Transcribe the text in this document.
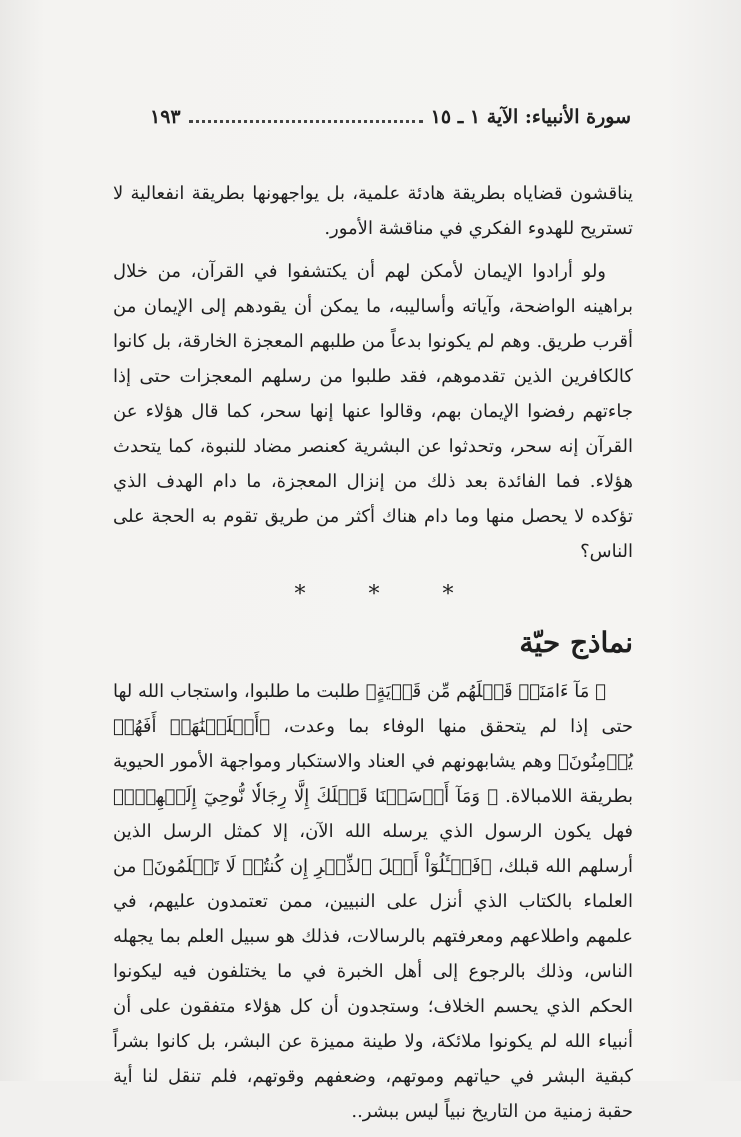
سورة الأنبياء: الآية ١ ـ ١٥
١٩٣

يناقشون قضاياه بطريقة هادئة علمية، بل يواجهونها بطريقة انفعالية لا تستريح للهدوء الفكري في مناقشة الأمور.

ولو أرادوا الإيمان لأمكن لهم أن يكتشفوا في القرآن، من خلال براهينه الواضحة، وآياته وأساليبه، ما يمكن أن يقودهم إلى الإيمان من أقرب طريق. وهم لم يكونوا بدعاً من طلبهم المعجزة الخارقة، بل كانوا كالكافرين الذين تقدموهم، فقد طلبوا من رسلهم المعجزات حتى إذا جاءتهم رفضوا الإيمان بهم، وقالوا عنها إنها سحر، كما قال هؤلاء عن القرآن إنه سحر، وتحدثوا عن البشرية كعنصر مضاد للنبوة، كما يتحدث هؤلاء. فما الفائدة بعد ذلك من إنزال المعجزة، ما دام الهدف الذي تؤكده لا يحصل منها وما دام هناك أكثر من طريق تقوم به الحجة على الناس؟

* * *

نماذج حيّة

﴿ مَآ ءَامَنَتۡ قَبۡلَهُم مِّن قَرۡيَةٍ﴾ طلبت ما طلبوا، واستجاب الله لها حتى إذا لم يتحقق منها الوفاء بما وعدت، ﴿أَهۡلَكۡنَٰهَآۖ أَفَهُمۡ يُؤۡمِنُونَ﴾ وهم يشابهونهم في العناد والاستكبار ومواجهة الأمور الحيوية بطريقة اللامبالاة. ﴿ وَمَآ أَرۡسَلۡنَا قَبۡلَكَ إِلَّا رِجَالٗا نُّوحِيٓ إِلَيۡهِمۡۖ﴾ فهل يكون الرسول الذي يرسله الله الآن، إلا كمثل الرسل الذين أرسلهم الله قبلك، ﴿فَسۡـَٔلُوٓاْ أَهۡلَ ٱلذِّكۡرِ إِن كُنتُمۡ لَا تَعۡلَمُونَ﴾ من العلماء بالكتاب الذي أنزل على النبيين، ممن تعتمدون عليهم، في علمهم واطلاعهم ومعرفتهم بالرسالات، فذلك هو سبيل العلم بما يجهله الناس، وذلك بالرجوع إلى أهل الخبرة في ما يختلفون فيه ليكونوا الحكم الذي يحسم الخلاف؛ وستجدون أن كل هؤلاء متفقون على أن أنبياء الله لم يكونوا ملائكة، ولا طينة مميزة عن البشر، بل كانوا بشراً كبقية البشر في حياتهم وموتهم، وضعفهم وقوتهم، فلم تنقل لنا أية حقبة زمنية من التاريخ نبياً ليس ببشر..
